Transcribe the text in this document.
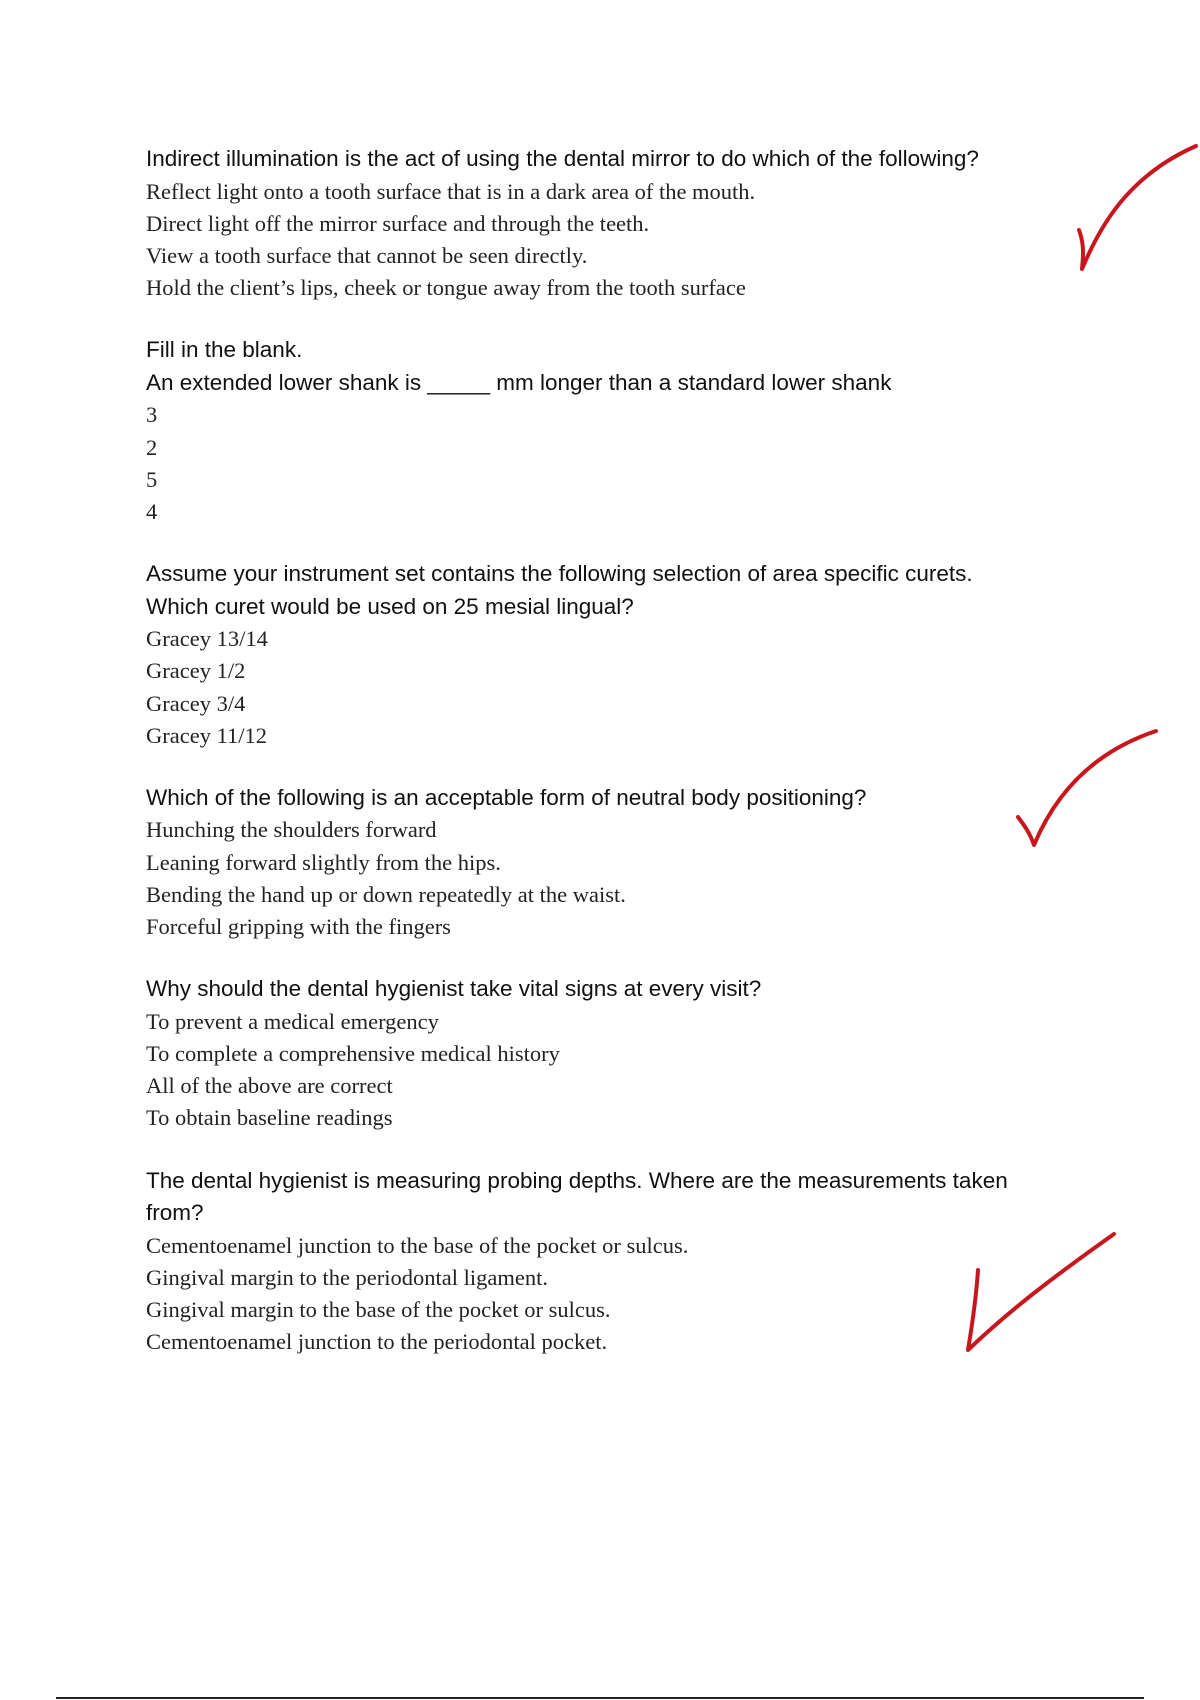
Indirect illumination is the act of using the dental mirror to do which of the following?
Reflect light onto a tooth surface that is in a dark area of the mouth.
Direct light off the mirror surface and through the teeth.
View a tooth surface that cannot be seen directly.
Hold the client’s lips, cheek or tongue away from the tooth surface
Fill in the blank.
An extended lower shank is _____ mm longer than a standard lower shank
3
2
5
4
Assume your instrument set contains the following selection of area specific curets.
Which curet would be used on 25 mesial lingual?
Gracey 13/14
Gracey 1/2
Gracey 3/4
Gracey 11/12
Which of the following is an acceptable form of neutral body positioning?
Hunching the shoulders forward
Leaning forward slightly from the hips.
Bending the hand up or down repeatedly at the waist.
Forceful gripping with the fingers
Why should the dental hygienist take vital signs at every visit?
To prevent a medical emergency
To complete a comprehensive medical history
All of the above are correct
To obtain baseline readings
The dental hygienist is measuring probing depths. Where are the measurements taken
from?
Cementoenamel junction to the base of the pocket or sulcus.
Gingival margin to the periodontal ligament.
Gingival margin to the base of the pocket or sulcus.
Cementoenamel junction to the periodontal pocket.
